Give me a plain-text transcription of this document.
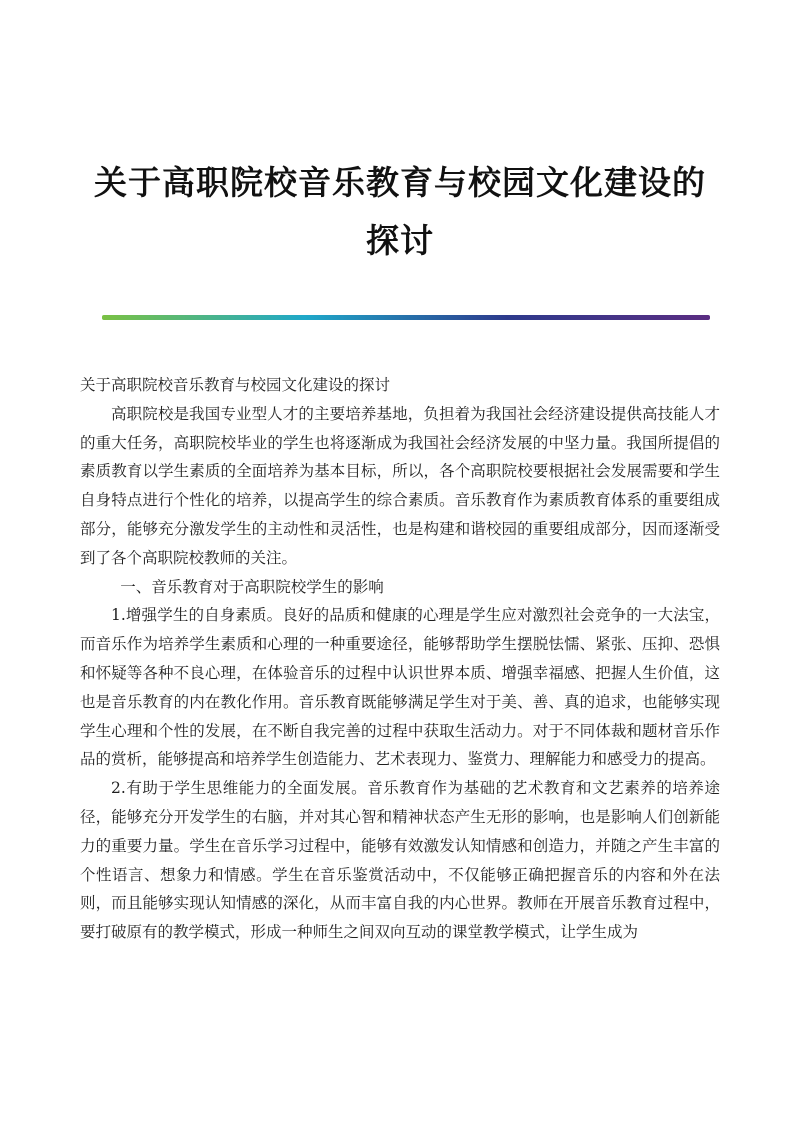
关于高职院校音乐教育与校园文化建设的探讨

关于高职院校音乐教育与校园文化建设的探讨

高职院校是我国专业型人才的主要培养基地，负担着为我国社会经济建设提供高技能人才的重大任务，高职院校毕业的学生也将逐渐成为我国社会经济发展的中坚力量。我国所提倡的素质教育以学生素质的全面培养为基本目标，所以，各个高职院校要根据社会发展需要和学生自身特点进行个性化的培养，以提高学生的综合素质。音乐教育作为素质教育体系的重要组成部分，能够充分激发学生的主动性和灵活性，也是构建和谐校园的重要组成部分，因而逐渐受到了各个高职院校教师的关注。

一、音乐教育对于高职院校学生的影响

1.增强学生的自身素质。良好的品质和健康的心理是学生应对激烈社会竞争的一大法宝，而音乐作为培养学生素质和心理的一种重要途径，能够帮助学生摆脱怯懦、紧张、压抑、恐惧和怀疑等各种不良心理，在体验音乐的过程中认识世界本质、增强幸福感、把握人生价值，这也是音乐教育的内在教化作用。音乐教育既能够满足学生对于美、善、真的追求，也能够实现学生心理和个性的发展，在不断自我完善的过程中获取生活动力。对于不同体裁和题材音乐作品的赏析，能够提高和培养学生创造能力、艺术表现力、鉴赏力、理解能力和感受力的提高。

2.有助于学生思维能力的全面发展。音乐教育作为基础的艺术教育和文艺素养的培养途径，能够充分开发学生的右脑，并对其心智和精神状态产生无形的影响，也是影响人们创新能力的重要力量。学生在音乐学习过程中，能够有效激发认知情感和创造力，并随之产生丰富的个性语言、想象力和情感。学生在音乐鉴赏活动中，不仅能够正确把握音乐的内容和外在法则，而且能够实现认知情感的深化，从而丰富自我的内心世界。教师在开展音乐教育过程中，要打破原有的教学模式，形成一种师生之间双向互动的课堂教学模式，让学生成为
